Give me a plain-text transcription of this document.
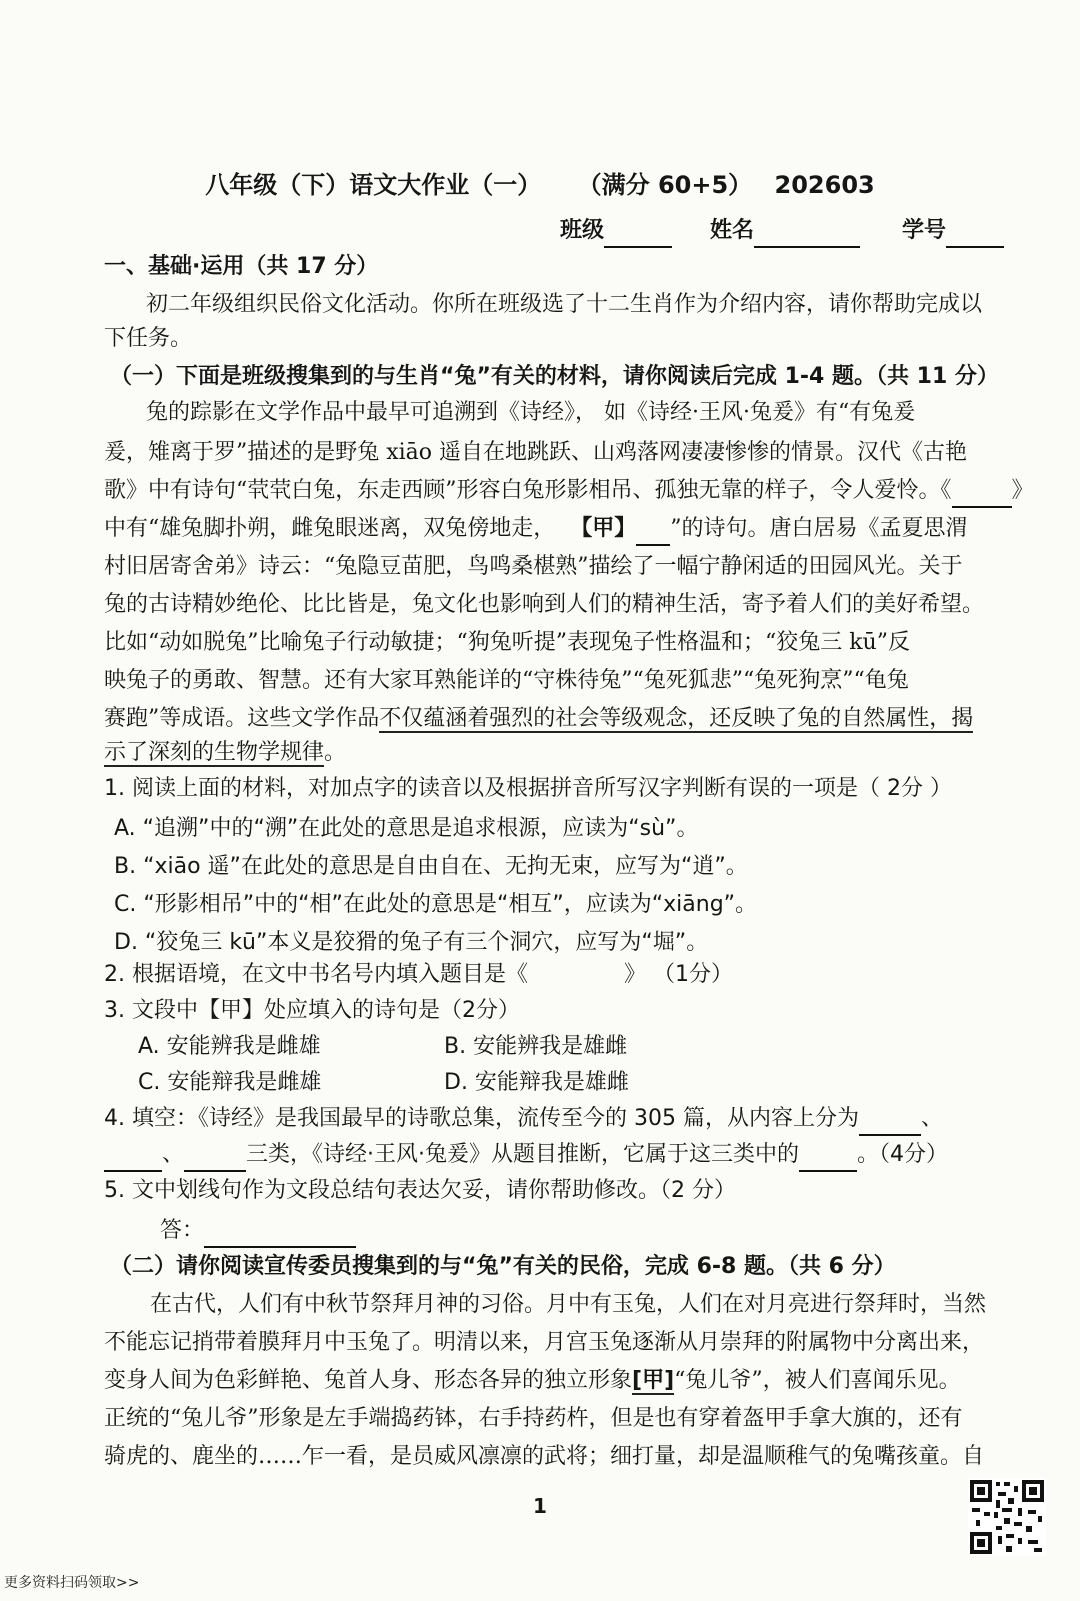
八年级（下）语文大作业（一） （满分 60+5） 202603
班级	姓名	学号
一、基础·运用（共 17 分）
初二年级组织民俗文化活动。你所在班级选了十二生肖作为介绍内容，请你帮助完成以
下任务。
（一）下面是班级搜集到的与生肖“兔”有关的材料，请你阅读后完成 1-4 题。（共 11 分）
兔的踪影在文学作品中最早可追溯到《诗经》， 如《诗经·王风·兔爰》有“有兔爰
爰，雉离于罗”描述的是野兔 xiāo 遥自在地跳跃、山鸡落网凄凄惨惨的情景。汉代《古艳
歌》中有诗句“茕茕白兔，东走西顾”形容白兔形影相吊、孤独无靠的样子，令人爱怜。《	》
中有“雄兔脚扑朔，雌兔眼迷离，双兔傍地走， 【甲】 ”的诗句。唐白居易《孟夏思渭
村旧居寄舍弟》诗云：“兔隐豆苗肥，鸟鸣桑椹熟”描绘了一幅宁静闲适的田园风光。关于
兔的古诗精妙绝伦、比比皆是，兔文化也影响到人们的精神生活，寄予着人们的美好希望。
比如“动如脱兔”比喻兔子行动敏捷；“狗兔听提”表现兔子性格温和；“狡兔三 kū”反
映兔子的勇敢、智慧。还有大家耳熟能详的“守株待兔”“兔死狐悲”“兔死狗烹”“龟兔
赛跑”等成语。这些文学作品不仅蕴涵着强烈的社会等级观念，还反映了兔的自然属性，揭
示了深刻的生物学规律。
1. 阅读上面的材料，对加点字的读音以及根据拼音所写汉字判断有误的一项是（ 2分 ）
A. “追溯”中的“溯”在此处的意思是追求根源，应读为“sù”。
B. “xiāo 遥”在此处的意思是自由自在、无拘无束，应写为“逍”。
C. “形影相吊”中的“相”在此处的意思是“相互”，应读为“xiāng”。
D. “狡兔三 kū”本义是狡猾的兔子有三个洞穴，应写为“堀”。
2. 根据语境，在文中书名号内填入题目是《	》 （1分）
3. 文段中【甲】处应填入的诗句是（2分）
A. 安能辨我是雌雄	B. 安能辨我是雄雌
C. 安能辩我是雌雄	D. 安能辩我是雄雌
4. 填空：《诗经》是我国最早的诗歌总集，流传至今的 305 篇，从内容上分为	、
、	三类，《诗经·王风·兔爰》从题目推断，它属于这三类中的	。（4分）
5. 文中划线句作为文段总结句表达欠妥，请你帮助修改。（2 分）
答：
（二）请你阅读宣传委员搜集到的与“兔”有关的民俗，完成 6-8 题。（共 6 分）
在古代，人们有中秋节祭拜月神的习俗。月中有玉兔，人们在对月亮进行祭拜时，当然
不能忘记捎带着膜拜月中玉兔了。明清以来，月宫玉兔逐渐从月崇拜的附属物中分离出来，
变身人间为色彩鲜艳、兔首人身、形态各异的独立形象[甲]“兔儿爷”，被人们喜闻乐见。
正统的“兔儿爷”形象是左手端捣药钵，右手持药杵，但是也有穿着盔甲手拿大旗的，还有
骑虎的、鹿坐的……乍一看，是员威风凛凛的武将；细打量，却是温顺稚气的兔嘴孩童。自
1
更多资料扫码领取>>
